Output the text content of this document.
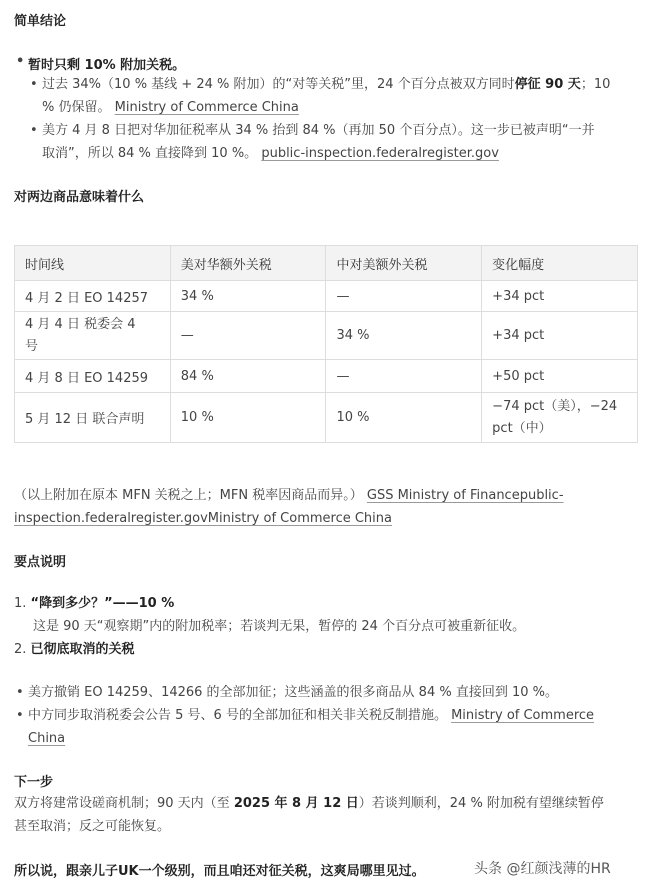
简单结论
• 暂时只剩 10% 附加关税。
• 过去 34%（10 % 基线 + 24 % 附加）的“对等关税”里，24 个百分点被双方同时停征 90 天；10
% 仍保留。 Ministry of Commerce China
• 美方 4 月 8 日把对华加征税率从 34 % 抬到 84 %（再加 50 个百分点）。这一步已被声明“一并
取消”，所以 84 % 直接降到 10 %。 public-inspection.federalregister.gov
对两边商品意味着什么
时间线	美对华额外关税	中对美额外关税	变化幅度
4 月 2 日 EO 14257	34 %	—	+34 pct
4 月 4 日 税委会 4
号	—	34 %	+34 pct
4 月 8 日 EO 14259	84 %	—	+50 pct
5 月 12 日 联合声明	10 %	10 %	−74 pct（美），−24
pct（中）
（以上附加在原本 MFN 关税之上；MFN 税率因商品而异。） GSS Ministry of Financepublic-
inspection.federalregister.govMinistry of Commerce China
要点说明
1. “降到多少？”——10 %
这是 90 天“观察期”内的附加税率；若谈判无果，暂停的 24 个百分点可被重新征收。
2. 已彻底取消的关税
• 美方撤销 EO 14259、14266 的全部加征；这些涵盖的很多商品从 84 % 直接回到 10 %。
• 中方同步取消税委会公告 5 号、6 号的全部加征和相关非关税反制措施。 Ministry of Commerce
China
下一步
双方将建常设磋商机制；90 天内（至 2025 年 8 月 12 日）若谈判顺利，24 % 附加税有望继续暂停
甚至取消；反之可能恢复。
所以说，跟亲儿子UK一个级别，而且咱还对征关税，这爽局哪里见过。	头条 @红颜浅薄的HR
